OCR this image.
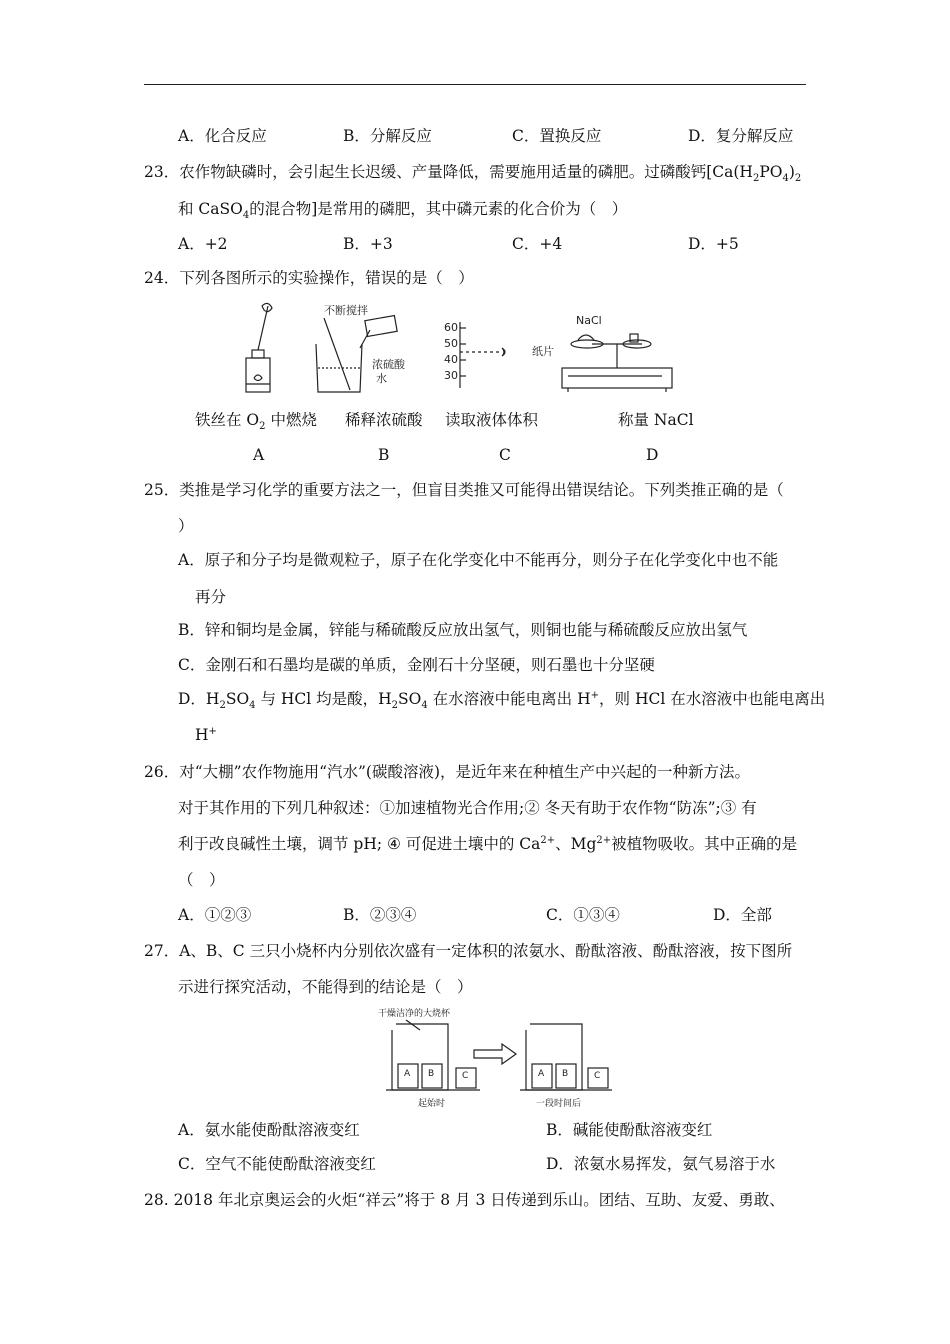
A．化合反应	B．分解反应	C．置换反应	D．复分解反应
23．农作物缺磷时，会引起生长迟缓、产量降低，需要施用适量的磷肥。过磷酸钙[$Ca(H_2PO_4)_2$
和 CaSO$_4$的混合物]是常用的磷肥，其中磷元素的化合价为（　）
A．+2	B．+3	C．+4	D．+5
24．下列各图所示的实验操作，错误的是（　）
不断搅拌
浓硫酸
水
60
50
40
30
NaCl
纸片
铁丝在 $O_2$ 中燃烧 稀释浓硫酸 读取液体体积	称量 NaCl
A	B	C	D
25．类推是学习化学的重要方法之一，但盲目类推又可能得出错误结论。下列类推正确的是（
）
A．原子和分子均是微观粒子，原子在化学变化中不能再分，则分子在化学变化中也不能
再分
B．锌和铜均是金属，锌能与稀硫酸反应放出氢气，则铜也能与稀硫酸反应放出氢气
C．金刚石和石墨均是碳的单质，金刚石十分坚硬，则石墨也十分坚硬
D．$H_2SO_4$ 与 HCl 均是酸，$H_2SO_4$ 在水溶液中能电离出 H+，则 HCl 在水溶液中也能电离出
H+
26．对“大棚”农作物施用“汽水”(碳酸溶液)，是近年来在种植生产中兴起的一种新方法。
对于其作用的下列几种叙述：①加速植物光合作用;② 冬天有助于农作物“防冻”;③ 有
利于改良碱性土壤，调节 pH; ④ 可促进土壤中的 $Ca^{2+}$、$Mg^{2+}$被植物吸收。其中正确的是
（　）
A．①②③	B．②③④	C．①③④	D．全部
27．A、B、C 三只小烧杯内分别依次盛有一定体积的浓氨水、酚酞溶液、酚酞溶液，按下图所
示进行探究活动，不能得到的结论是（　）
干燥洁净的大烧杯
A B	C	A B	C
起始时	一段时间后
A．氨水能使酚酞溶液变红	B．碱能使酚酞溶液变红
C．空气不能使酚酞溶液变红	D．浓氨水易挥发，氨气易溶于水
28. 2018 年北京奥运会的火炬“祥云”将于 8 月 3 日传递到乐山。团结、互助、友爱、勇敢、
